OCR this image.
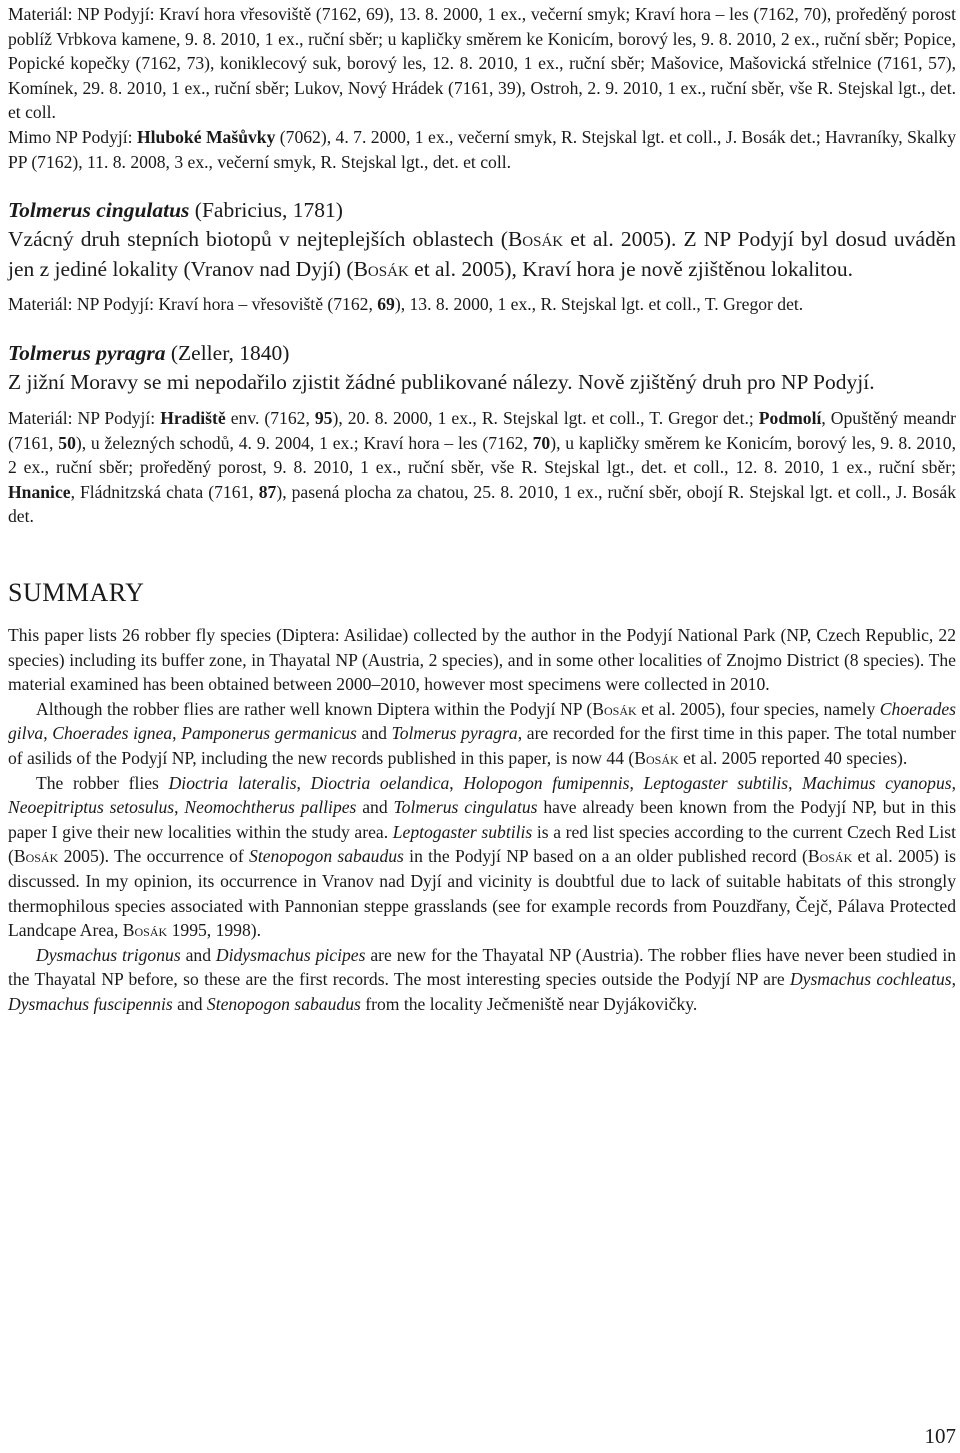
Materiál: NP Podyjí: Kraví hora vřesoviště (7162, 69), 13. 8. 2000, 1 ex., večerní smyk; Kraví hora – les (7162, 70), proředěný porost poblíž Vrbkova kamene, 9. 8. 2010, 1 ex., ruční sběr; u kapličky směrem ke Konicím, borový les, 9. 8. 2010, 2 ex., ruční sběr; Popice, Popické kopečky (7162, 73), koniklecový suk, borový les, 12. 8. 2010, 1 ex., ruční sběr; Mašovice, Mašovická střelnice (7161, 57), Komínek, 29. 8. 2010, 1 ex., ruční sběr; Lukov, Nový Hrádek (7161, 39), Ostroh, 2. 9. 2010, 1 ex., ruční sběr, vše R. Stejskal lgt., det. et coll.

Mimo NP Podyjí: Hluboké Mašůvky (7062), 4. 7. 2000, 1 ex., večerní smyk, R. Stejskal lgt. et coll., J. Bosák det.; Havraníky, Skalky PP (7162), 11. 8. 2008, 3 ex., večerní smyk, R. Stejskal lgt., det. et coll.

Tolmerus cingulatus (Fabricius, 1781)

Vzácný druh stepních biotopů v nejteplejších oblastech (Bosák et al. 2005). Z NP Podyjí byl dosud uváděn jen z jediné lokality (Vranov nad Dyjí) (Bosák et al. 2005), Kraví hora je nově zjištěnou lokalitou.

Materiál: NP Podyjí: Kraví hora – vřesoviště (7162, 69), 13. 8. 2000, 1 ex., R. Stejskal lgt. et coll., T. Gregor det.

Tolmerus pyragra (Zeller, 1840)

Z jižní Moravy se mi nepodařilo zjistit žádné publikované nálezy. Nově zjištěný druh pro NP Podyjí.

Materiál: NP Podyjí: Hradiště env. (7162, 95), 20. 8. 2000, 1 ex., R. Stejskal lgt. et coll., T. Gregor det.; Podmolí, Opuštěný meandr (7161, 50), u železných schodů, 4. 9. 2004, 1 ex.; Kraví hora – les (7162, 70), u kapličky směrem ke Konicím, borový les, 9. 8. 2010, 2 ex., ruční sběr; proředěný porost, 9. 8. 2010, 1 ex., ruční sběr, vše R. Stejskal lgt., det. et coll., 12. 8. 2010, 1 ex., ruční sběr; Hnanice, Fládnitzská chata (7161, 87), pasená plocha za chatou, 25. 8. 2010, 1 ex., ruční sběr, obojí R. Stejskal lgt. et coll., J. Bosák det.

SUMMARY

This paper lists 26 robber fly species (Diptera: Asilidae) collected by the author in the Podyjí National Park (NP, Czech Republic, 22 species) including its buffer zone, in Thayatal NP (Austria, 2 species), and in some other localities of Znojmo District (8 species). The material examined has been obtained between 2000–2010, however most specimens were collected in 2010.

Although the robber flies are rather well known Diptera within the Podyjí NP (Bosák et al. 2005), four species, namely Choerades gilva, Choerades ignea, Pamponerus germanicus and Tolmerus pyragra, are recorded for the first time in this paper. The total number of asilids of the Podyjí NP, including the new records published in this paper, is now 44 (Bosák et al. 2005 reported 40 species).

The robber flies Dioctria lateralis, Dioctria oelandica, Holopogon fumipennis, Leptogaster subtilis, Machimus cyanopus, Neoepitriptus setosulus, Neomochtherus pallipes and Tolmerus cingulatus have already been known from the Podyjí NP, but in this paper I give their new localities within the study area. Leptogaster subtilis is a red list species according to the current Czech Red List (Bosák 2005). The occurrence of Stenopogon sabaudus in the Podyjí NP based on a an older published record (Bosák et al. 2005) is discussed. In my opinion, its occurrence in Vranov nad Dyjí and vicinity is doubtful due to lack of suitable habitats of this strongly thermophilous species associated with Pannonian steppe grasslands (see for example records from Pouzdřany, Čejč, Pálava Protected Landcape Area, Bosák 1995, 1998).

Dysmachus trigonus and Didysmachus picipes are new for the Thayatal NP (Austria). The robber flies have never been studied in the Thayatal NP before, so these are the first records. The most interesting species outside the Podyjí NP are Dysmachus cochleatus, Dysmachus fuscipennis and Stenopogon sabaudus from the locality Ječmeniště near Dyjákovičky.

107
